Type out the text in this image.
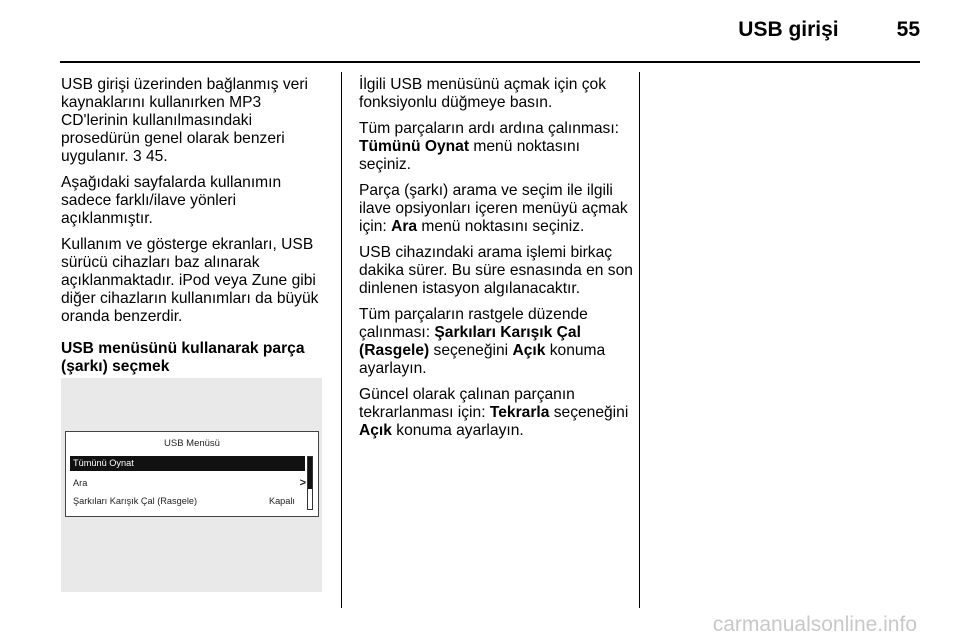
USB girişi	55

USB girişi üzerinden bağlanmış veri kaynaklarını kullanırken MP3 CD'lerinin kullanılmasındaki prosedürün genel olarak benzeri uygulanır. 3 45.

Aşağıdaki sayfalarda kullanımın sadece farklı/ilave yönleri açıklanmıştır.

Kullanım ve gösterge ekranları, USB sürücü cihazları baz alınarak açıklanmaktadır. iPod veya Zune gibi diğer cihazların kullanımları da büyük oranda benzerdir.

USB menüsünü kullanarak parça (şarkı) seçmek

USB Menüsü
Tümünü Oynat
Ara	>
Şarkıları Karışık Çal (Rasgele)	Kapalı

İlgili USB menüsünü açmak için çok fonksiyonlu düğmeye basın.

Tüm parçaların ardı ardına çalınması: Tümünü Oynat menü noktasını seçiniz.

Parça (şarkı) arama ve seçim ile ilgili ilave opsiyonları içeren menüyü açmak için: Ara menü noktasını seçiniz.

USB cihazındaki arama işlemi birkaç dakika sürer. Bu süre esnasında en son dinlenen istasyon algılanacaktır.

Tüm parçaların rastgele düzende çalınması: Şarkıları Karışık Çal (Rasgele) seçeneğini Açık konuma ayarlayın.

Güncel olarak çalınan parçanın tekrarlanması için: Tekrarla seçeneğini Açık konuma ayarlayın.

carmanualsonline.info
